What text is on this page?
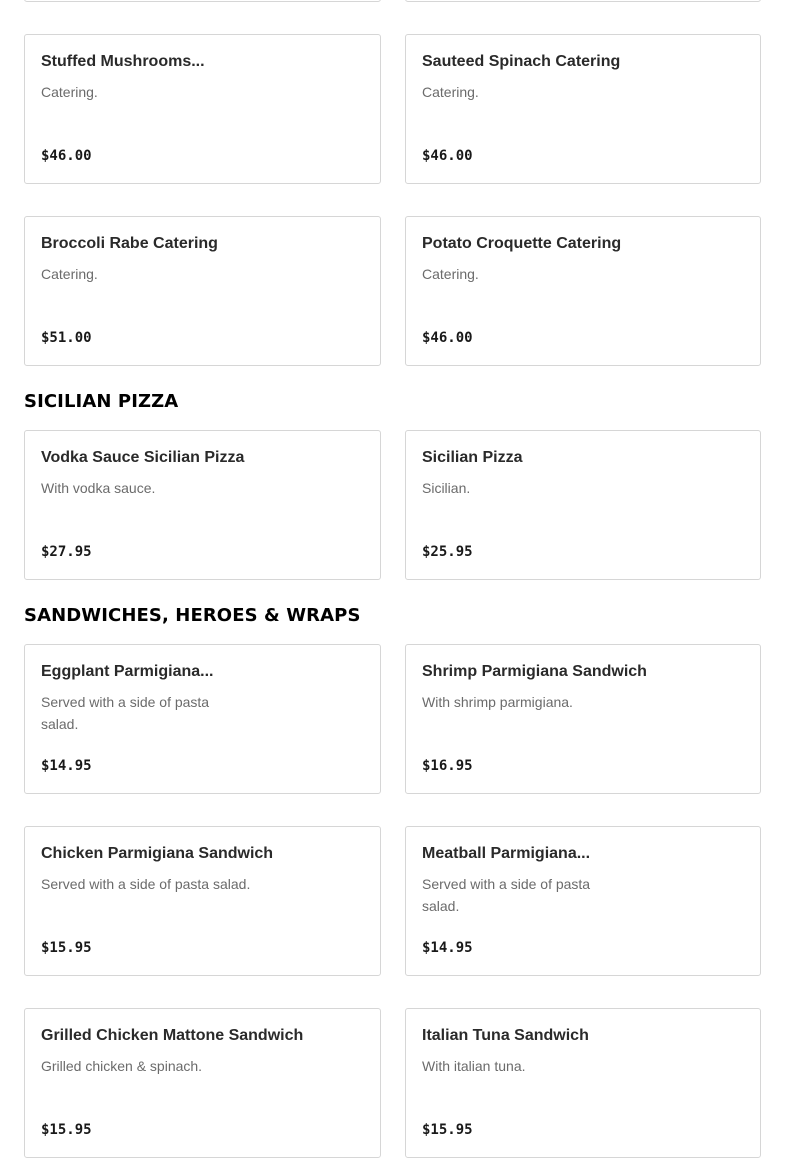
Stuffed Mushrooms...
Catering.
$46.00
Sauteed Spinach Catering
Catering.
$46.00
Broccoli Rabe Catering
Catering.
$51.00
Potato Croquette Catering
Catering.
$46.00
SICILIAN PIZZA
Vodka Sauce Sicilian Pizza
With vodka sauce.
$27.95
Sicilian Pizza
Sicilian.
$25.95
SANDWICHES, HEROES & WRAPS
Eggplant Parmigiana...
Served with a side of pasta salad.
$14.95
Shrimp Parmigiana Sandwich
With shrimp parmigiana.
$16.95
Chicken Parmigiana Sandwich
Served with a side of pasta salad.
$15.95
Meatball Parmigiana...
Served with a side of pasta salad.
$14.95
Grilled Chicken Mattone Sandwich
Grilled chicken & spinach.
$15.95
Italian Tuna Sandwich
With italian tuna.
$15.95
